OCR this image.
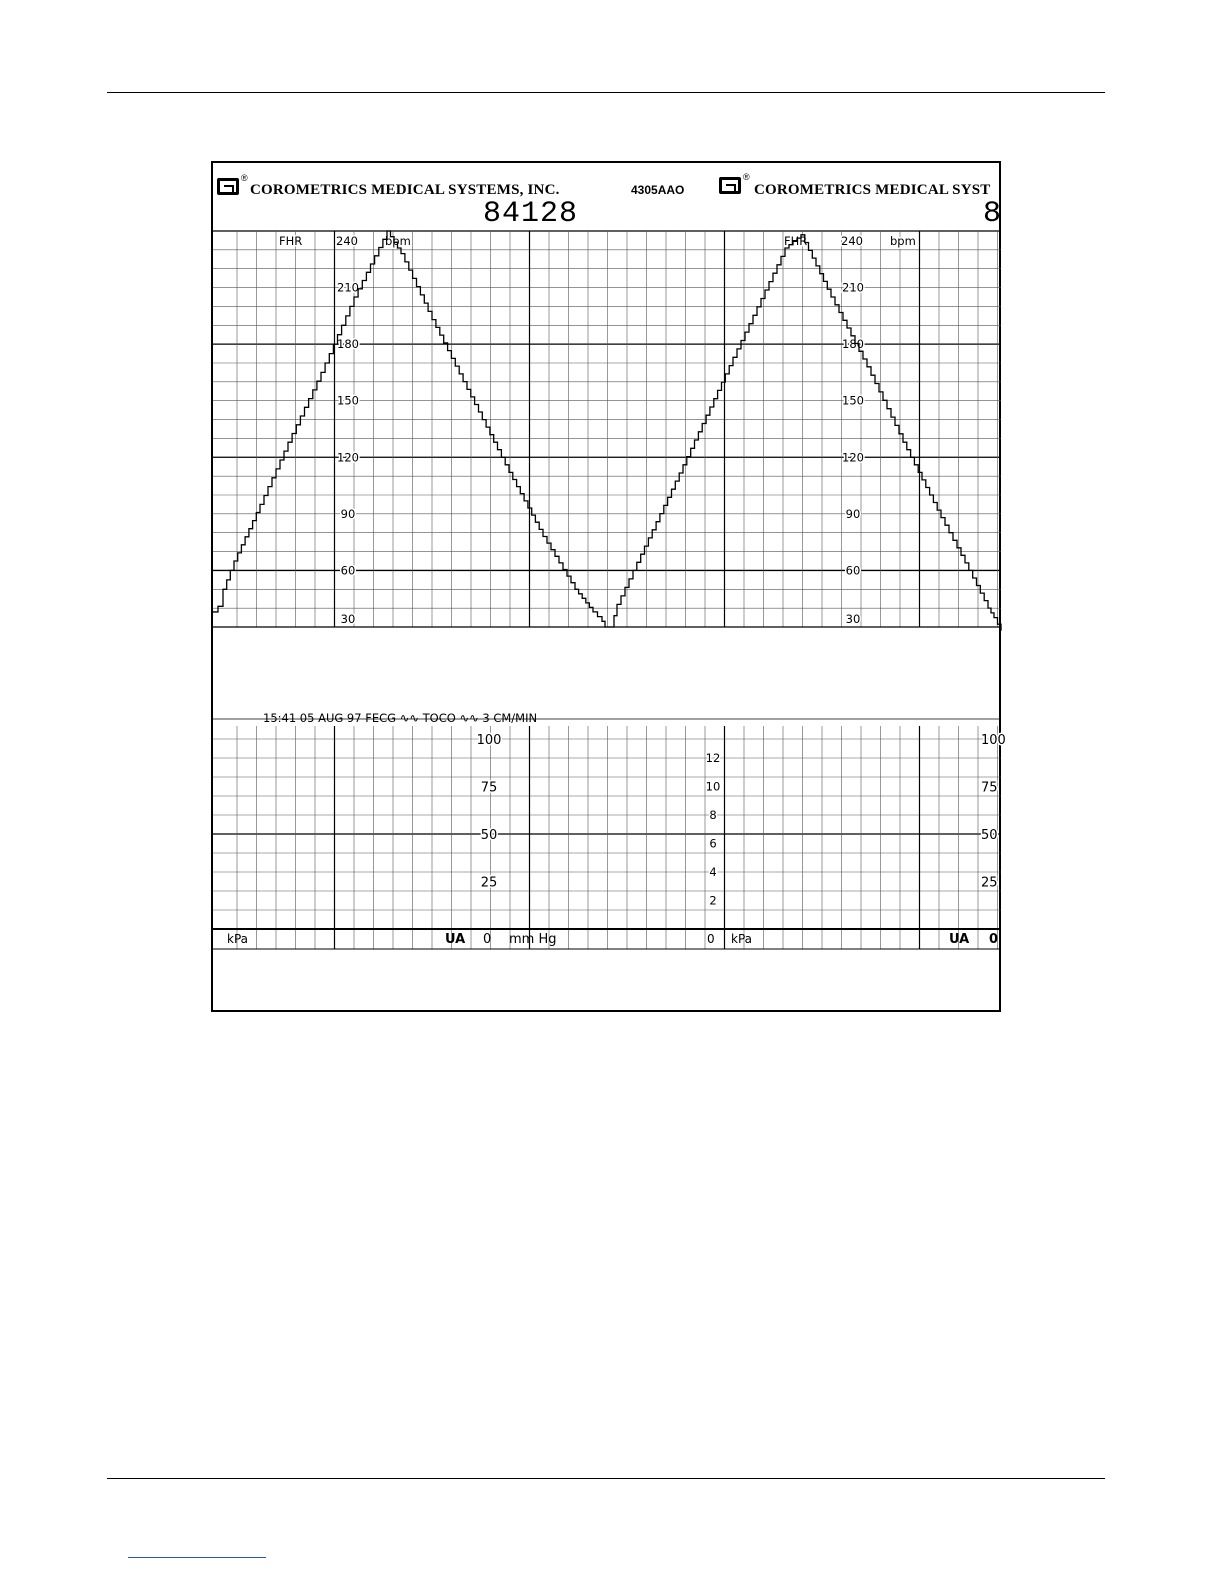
®
COROMETRICS MEDICAL SYSTEMS, INC.	4305AAO
®
COROMETRICS MEDICAL SYST
84128	8
FHR	240 bpm
210
180
150
120
90
60
30
FHR	240 bpm
210
180
150
120
90
60
30
100
75
50
25
100
75
50
25
12
10
8
6
4
2
kPa	UA 0 mm Hg	0 kPa	UA 0
15:41 05 AUG 97 FECG ∿∿ TOCO ∿∿ 3 CM/MIN
